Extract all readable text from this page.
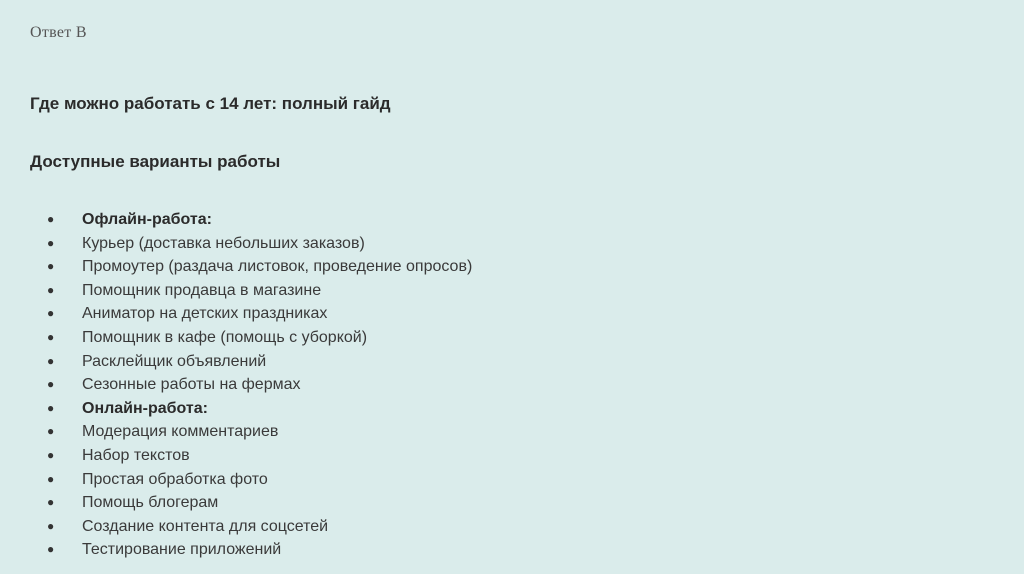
Ответ В
Где можно работать с 14 лет: полный гайд
Доступные варианты работы
● Офлайн-работа:
● Курьер (доставка небольших заказов)
● Промоутер (раздача листовок, проведение опросов)
● Помощник продавца в магазине
● Аниматор на детских праздниках
● Помощник в кафе (помощь с уборкой)
● Расклейщик объявлений
● Сезонные работы на фермах
● Онлайн-работа:
● Модерация комментариев
● Набор текстов
● Простая обработка фото
● Помощь блогерам
● Создание контента для соцсетей
● Тестирование приложений
